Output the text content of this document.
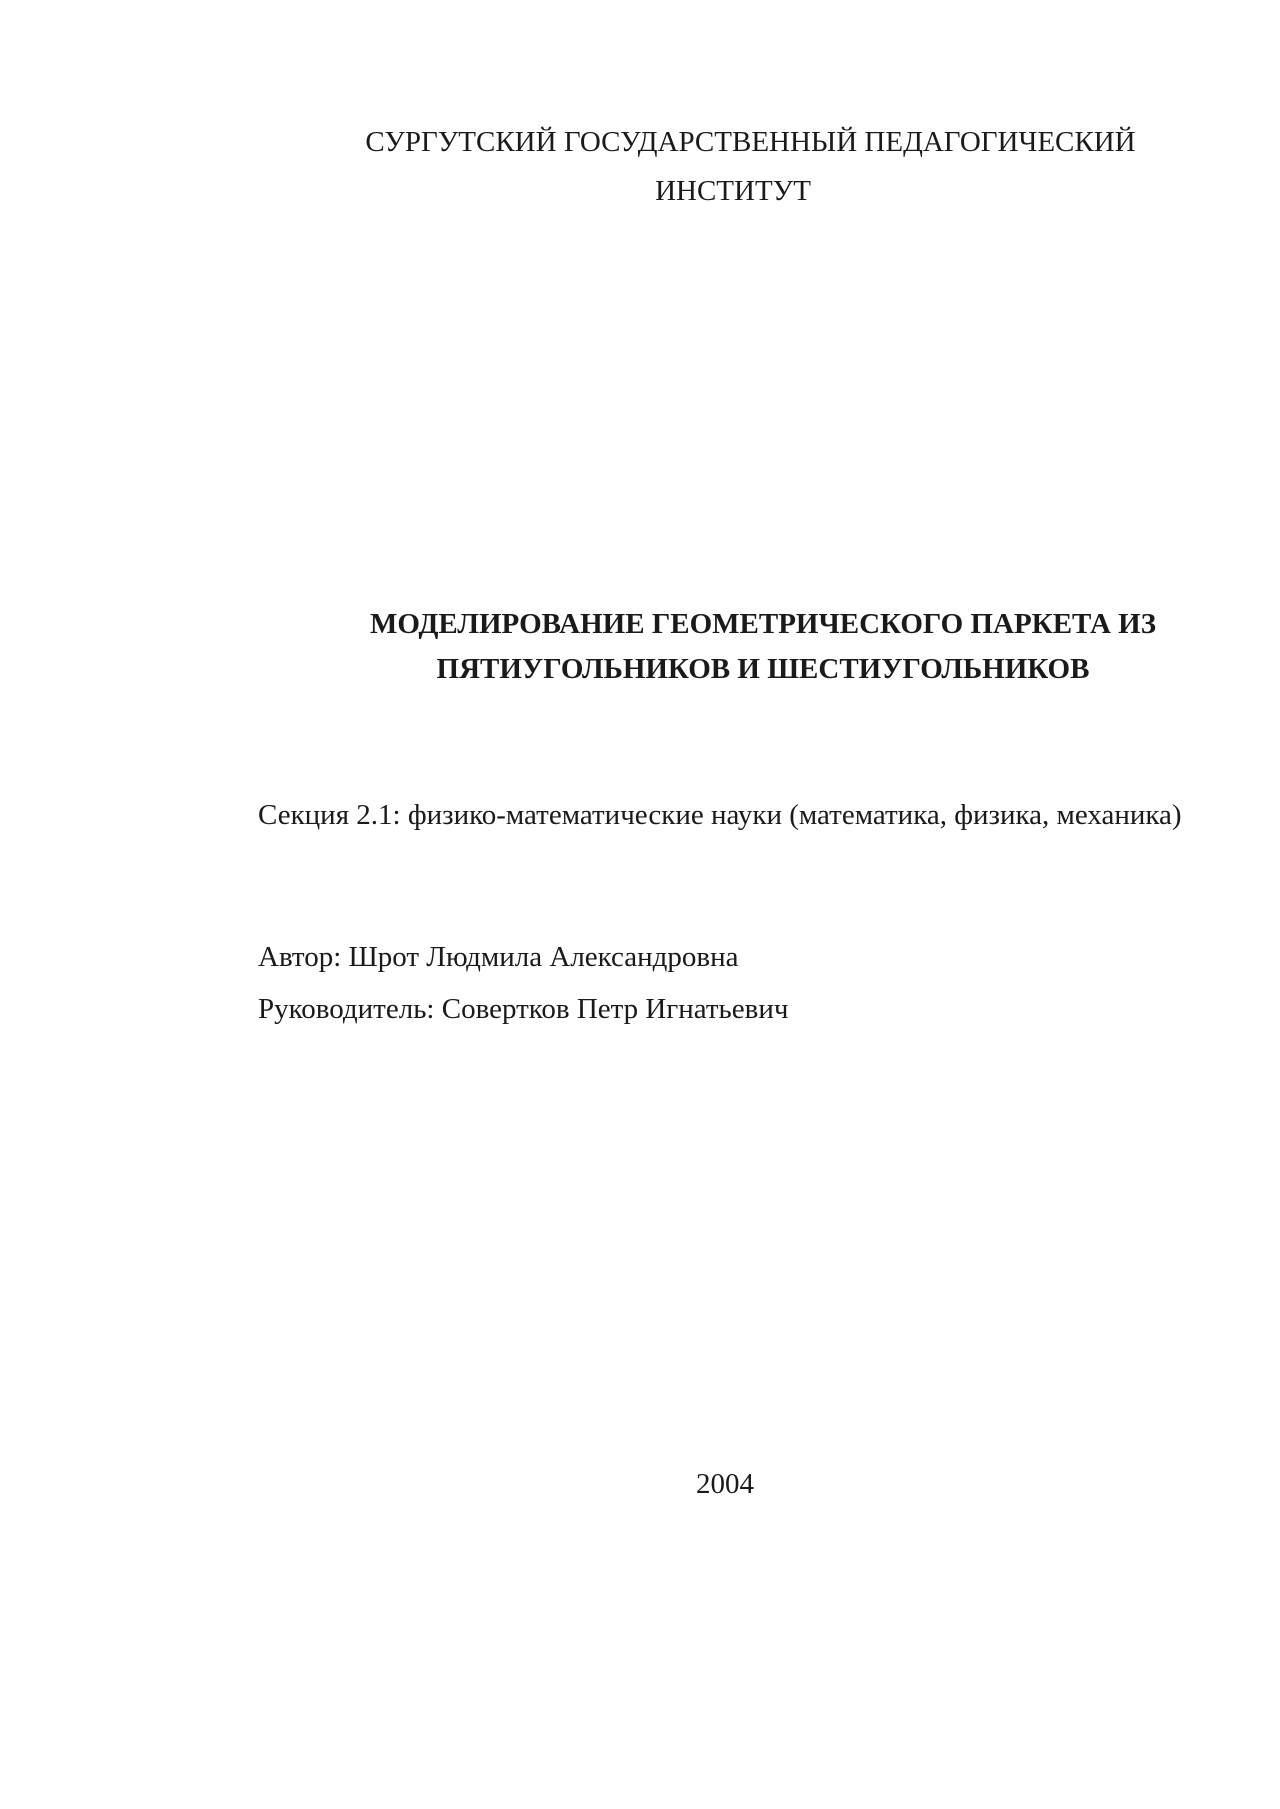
СУРГУТСКИЙ ГОСУДАРСТВЕННЫЙ ПЕДАГОГИЧЕСКИЙ
ИНСТИТУТ
МОДЕЛИРОВАНИЕ ГЕОМЕТРИЧЕСКОГО ПАРКЕТА ИЗ
ПЯТИУГОЛЬНИКОВ И ШЕСТИУГОЛЬНИКОВ
Секция 2.1: физико-математические науки (математика, физика, механика)
Автор: Шрот Людмила Александровна
Руководитель: Совертков Петр Игнатьевич
2004
